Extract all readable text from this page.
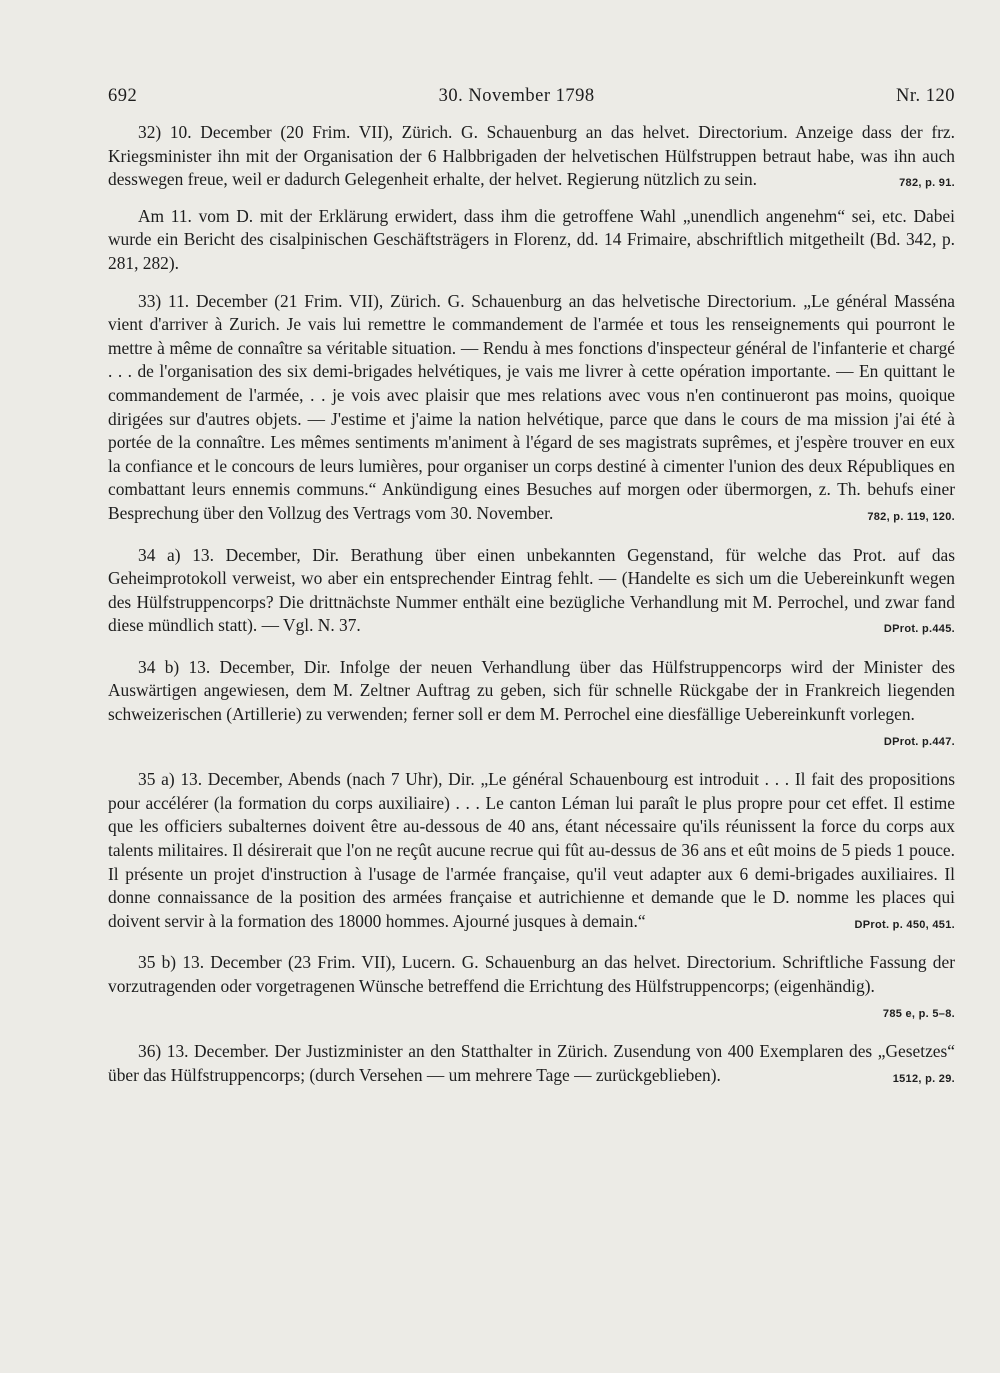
692	30. November 1798	Nr. 120

32) 10. December (20 Frim. VII), Zürich. G. Schauenburg an das helvet. Directorium. Anzeige dass der frz. Kriegsminister ihn mit der Organisation der 6 Halbbrigaden der helvetischen Hülfstruppen betraut habe, was ihn auch desswegen freue, weil er dadurch Gelegenheit erhalte, der helvet. Regierung nützlich zu sein.	782, p. 91.

Am 11. vom D. mit der Erklärung erwidert, dass ihm die getroffene Wahl „unendlich angenehm“ sei, etc. Dabei wurde ein Bericht des cisalpinischen Geschäftsträgers in Florenz, dd. 14 Frimaire, abschriftlich mitgetheilt (Bd. 342, p. 281, 282).

33) 11. December (21 Frim. VII), Zürich. G. Schauenburg an das helvetische Directorium. „Le général Masséna vient d'arriver à Zurich. Je vais lui remettre le commandement de l'armée et tous les renseignements qui pourront le mettre à même de connaître sa véritable situation. — Rendu à mes fonctions d'inspecteur général de l'infanterie et chargé . . . de l'organisation des six demi-brigades helvétiques, je vais me livrer à cette opération importante. — En quittant le commandement de l'armée, . . je vois avec plaisir que mes relations avec vous n'en continueront pas moins, quoique dirigées sur d'autres objets. — J'estime et j'aime la nation helvétique, parce que dans le cours de ma mission j'ai été à portée de la connaître. Les mêmes sentiments m'animent à l'égard de ses magistrats suprêmes, et j'espère trouver en eux la confiance et le concours de leurs lumières, pour organiser un corps destiné à cimenter l'union des deux Républiques en combattant leurs ennemis communs.“ Ankündigung eines Besuches auf morgen oder übermorgen, z. Th. behufs einer Besprechung über den Vollzug des Vertrags vom 30. November.	782, p. 119, 120.

34 a) 13. December, Dir. Berathung über einen unbekannten Gegenstand, für welche das Prot. auf das Geheimprotokoll verweist, wo aber ein entsprechender Eintrag fehlt. — (Handelte es sich um die Uebereinkunft wegen des Hülfstruppencorps? Die drittnächste Nummer enthält eine bezügliche Verhandlung mit M. Perrochel, und zwar fand diese mündlich statt). — Vgl. N. 37.	DProt. p.445.

34 b) 13. December, Dir. Infolge der neuen Verhandlung über das Hülfstruppencorps wird der Minister des Auswärtigen angewiesen, dem M. Zeltner Auftrag zu geben, sich für schnelle Rückgabe der in Frankreich liegenden schweizerischen (Artillerie) zu verwenden; ferner soll er dem M. Perrochel eine diesfällige Uebereinkunft vorlegen.
DProt. p.447.

35 a) 13. December, Abends (nach 7 Uhr), Dir. „Le général Schauenbourg est introduit . . . Il fait des propositions pour accélérer (la formation du corps auxiliaire) . . . Le canton Léman lui paraît le plus propre pour cet effet. Il estime que les officiers subalternes doivent être au-dessous de 40 ans, étant nécessaire qu'ils réunissent la force du corps aux talents militaires. Il désirerait que l'on ne reçût aucune recrue qui fût au-dessus de 36 ans et eût moins de 5 pieds 1 pouce. Il présente un projet d'instruction à l'usage de l'armée française, qu'il veut adapter aux 6 demi-brigades auxiliaires. Il donne connaissance de la position des armées française et autrichienne et demande que le D. nomme les places qui doivent servir à la formation des 18000 hommes. Ajourné jusques à demain.“	DProt. p. 450, 451.

35 b) 13. December (23 Frim. VII), Lucern. G. Schauenburg an das helvet. Directorium. Schriftliche Fassung der vorzutragenden oder vorgetragenen Wünsche betreffend die Errichtung des Hülfstruppencorps; (eigenhändig).
785 e, p. 5–8.

36) 13. December. Der Justizminister an den Statthalter in Zürich. Zusendung von 400 Exemplaren des „Gesetzes“ über das Hülfstruppencorps; (durch Versehen — um mehrere Tage — zurückgeblieben).	1512, p. 29.
